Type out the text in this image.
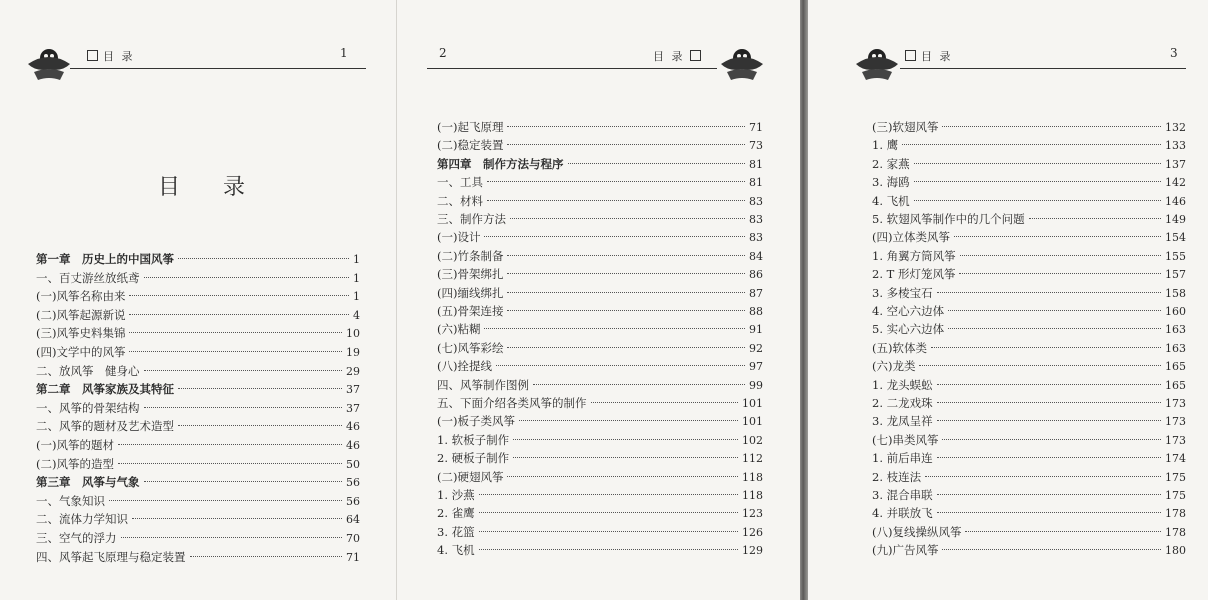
目 录	1
目 录
第一章　历史上的中国风筝	1
一、百丈游丝放纸鸢	1
(一)风筝名称由来	1
(二)风筝起源新说	4
(三)风筝史料集锦	10
(四)文学中的风筝	19
二、放风筝　健身心	29
第二章　风筝家族及其特征	37
一、风筝的骨架结构	37
二、风筝的题材及艺术造型	46
(一)风筝的题材	46
(二)风筝的造型	50
第三章　风筝与气象	56
一、气象知识	56
二、流体力学知识	64
三、空气的浮力	70
四、风筝起飞原理与稳定装置	71
2	目 录
(一)起飞原理	71
(二)稳定装置	73
第四章　制作方法与程序	81
一、工具	81
二、材料	83
三、制作方法	83
(一)设计	83
(二)竹条制备	84
(三)骨架绑扎	86
(四)缅线绑扎	87
(五)骨架连接	88
(六)粘糊	91
(七)风筝彩绘	92
(八)拴提线	97
四、风筝制作图例	99
五、下面介绍各类风筝的制作	101
(一)板子类风筝	101
1. 软板子制作	102
2. 硬板子制作	112
(二)硬翅风筝	118
1. 沙燕	118
2. 雀鹰	123
3. 花篮	126
4. 飞机	129
目 录	3
(三)软翅风筝	132
1. 鹰	133
2. 家燕	137
3. 海鸥	142
4. 飞机	146
5. 软翅风筝制作中的几个问题	149
(四)立体类风筝	154
1. 角翼方筒风筝	155
2. T 形灯笼风筝	157
3. 多棱宝石	158
4. 空心六边体	160
5. 实心六边体	163
(五)软体类	163
(六)龙类	165
1. 龙头蜈蚣	165
2. 二龙戏珠	173
3. 龙凤呈祥	173
(七)串类风筝	173
1. 前后串连	174
2. 枝连法	175
3. 混合串联	175
4. 并联放飞	178
(八)复线操纵风筝	178
(九)广告风筝	180
